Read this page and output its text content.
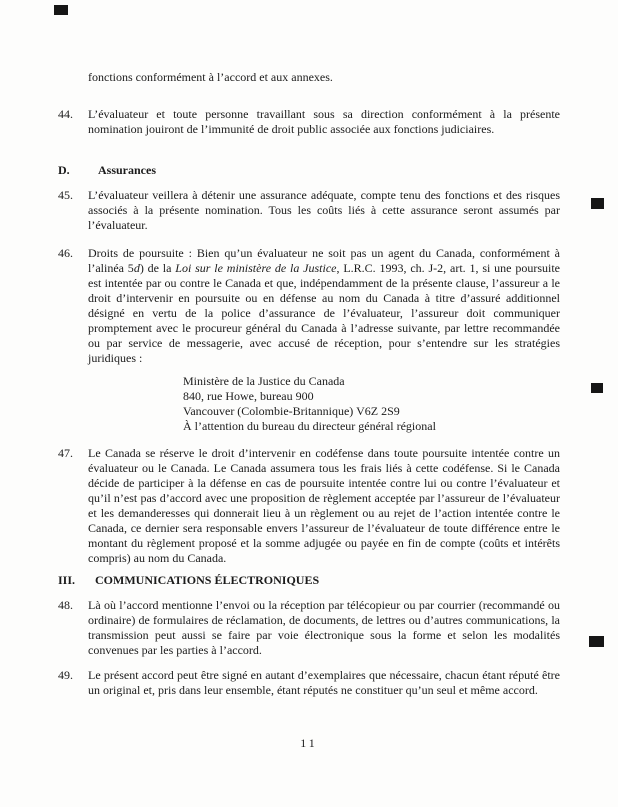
fonctions conformément à l’accord et aux annexes.
44.	L’évaluateur et toute personne travaillant sous sa direction conformément à la présente nomination jouiront de l’immunité de droit public associée aux fonctions judiciaires.
D.	Assurances
45.	L’évaluateur veillera à détenir une assurance adéquate, compte tenu des fonctions et des risques associés à la présente nomination. Tous les coûts liés à cette assurance seront assumés par l’évaluateur.
46.	Droits de poursuite : Bien qu’un évaluateur ne soit pas un agent du Canada, conformément à l’alinéa 5d) de la Loi sur le ministère de la Justice, L.R.C. 1993, ch. J-2, art. 1, si une poursuite est intentée par ou contre le Canada et que, indépendamment de la présente clause, l’assureur a le droit d’intervenir en poursuite ou en défense au nom du Canada à titre d’assuré additionnel désigné en vertu de la police d’assurance de l’évaluateur, l’assureur doit communiquer promptement avec le procureur général du Canada à l’adresse suivante, par lettre recommandée ou par service de messagerie, avec accusé de réception, pour s’entendre sur les stratégies juridiques :
Ministère de la Justice du Canada
840, rue Howe, bureau 900
Vancouver (Colombie-Britannique) V6Z 2S9
À l’attention du bureau du directeur général régional
47.	Le Canada se réserve le droit d’intervenir en codéfense dans toute poursuite intentée contre un évaluateur ou le Canada. Le Canada assumera tous les frais liés à cette codéfense. Si le Canada décide de participer à la défense en cas de poursuite intentée contre lui ou contre l’évaluateur et qu’il n’est pas d’accord avec une proposition de règlement acceptée par l’assureur de l’évaluateur et les demanderesses qui donnerait lieu à un règlement ou au rejet de l’action intentée contre le Canada, ce dernier sera responsable envers l’assureur de l’évaluateur de toute différence entre le montant du règlement proposé et la somme adjugée ou payée en fin de compte (coûts et intérêts compris) au nom du Canada.
III.	COMMUNICATIONS ÉLECTRONIQUES
48.	Là où l’accord mentionne l’envoi ou la réception par télécopieur ou par courrier (recommandé ou ordinaire) de formulaires de réclamation, de documents, de lettres ou d’autres communications, la transmission peut aussi se faire par voie électronique sous la forme et selon les modalités convenues par les parties à l’accord.
49.	Le présent accord peut être signé en autant d’exemplaires que nécessaire, chacun étant réputé être un original et, pris dans leur ensemble, étant réputés ne constituer qu’un seul et même accord.
11
